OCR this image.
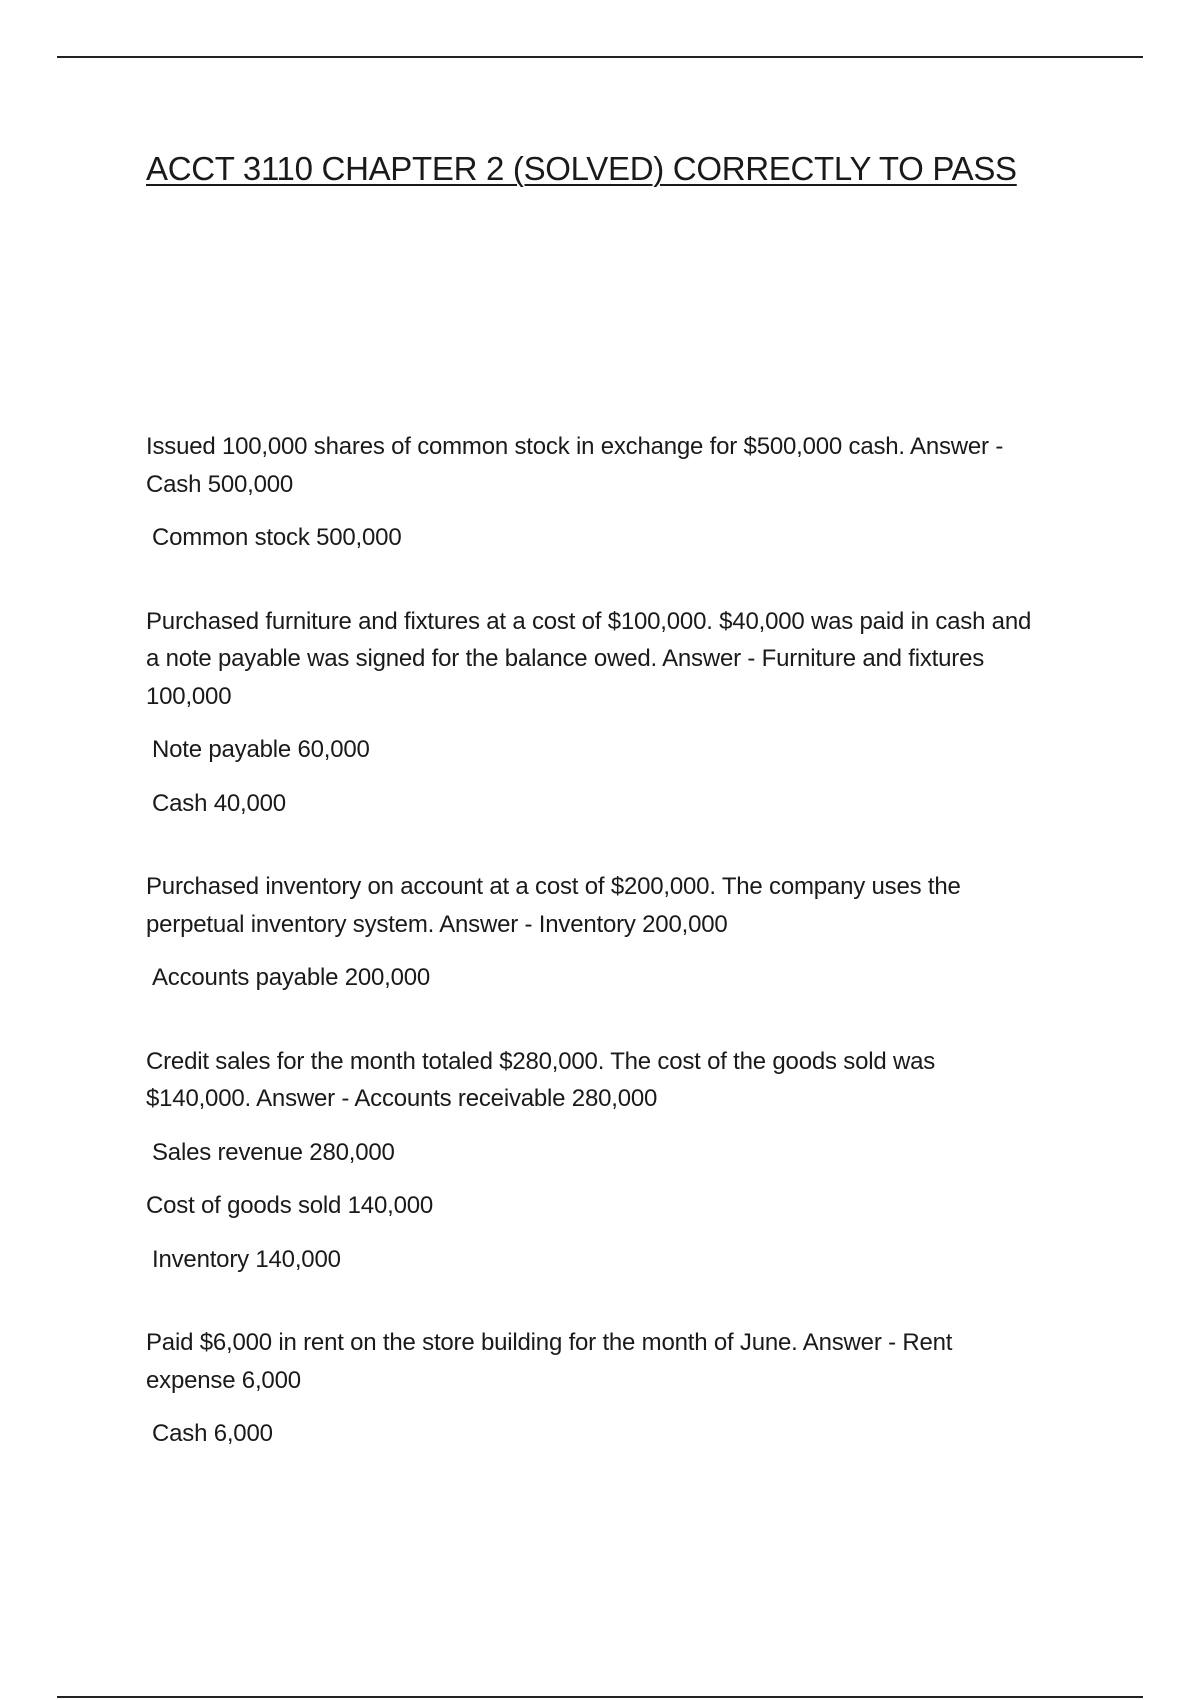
ACCT 3110 CHAPTER 2 (SOLVED) CORRECTLY TO PASS

Issued 100,000 shares of common stock in exchange for $500,000 cash. Answer - Cash 500,000

Common stock 500,000

Purchased furniture and fixtures at a cost of $100,000. $40,000 was paid in cash and a note payable was signed for the balance owed. Answer - Furniture and fixtures 100,000

Note payable 60,000

Cash 40,000

Purchased inventory on account at a cost of $200,000. The company uses the perpetual inventory system. Answer - Inventory 200,000

Accounts payable 200,000

Credit sales for the month totaled $280,000. The cost of the goods sold was $140,000. Answer - Accounts receivable 280,000

Sales revenue 280,000

Cost of goods sold 140,000

Inventory 140,000

Paid $6,000 in rent on the store building for the month of June. Answer - Rent expense 6,000

Cash 6,000
